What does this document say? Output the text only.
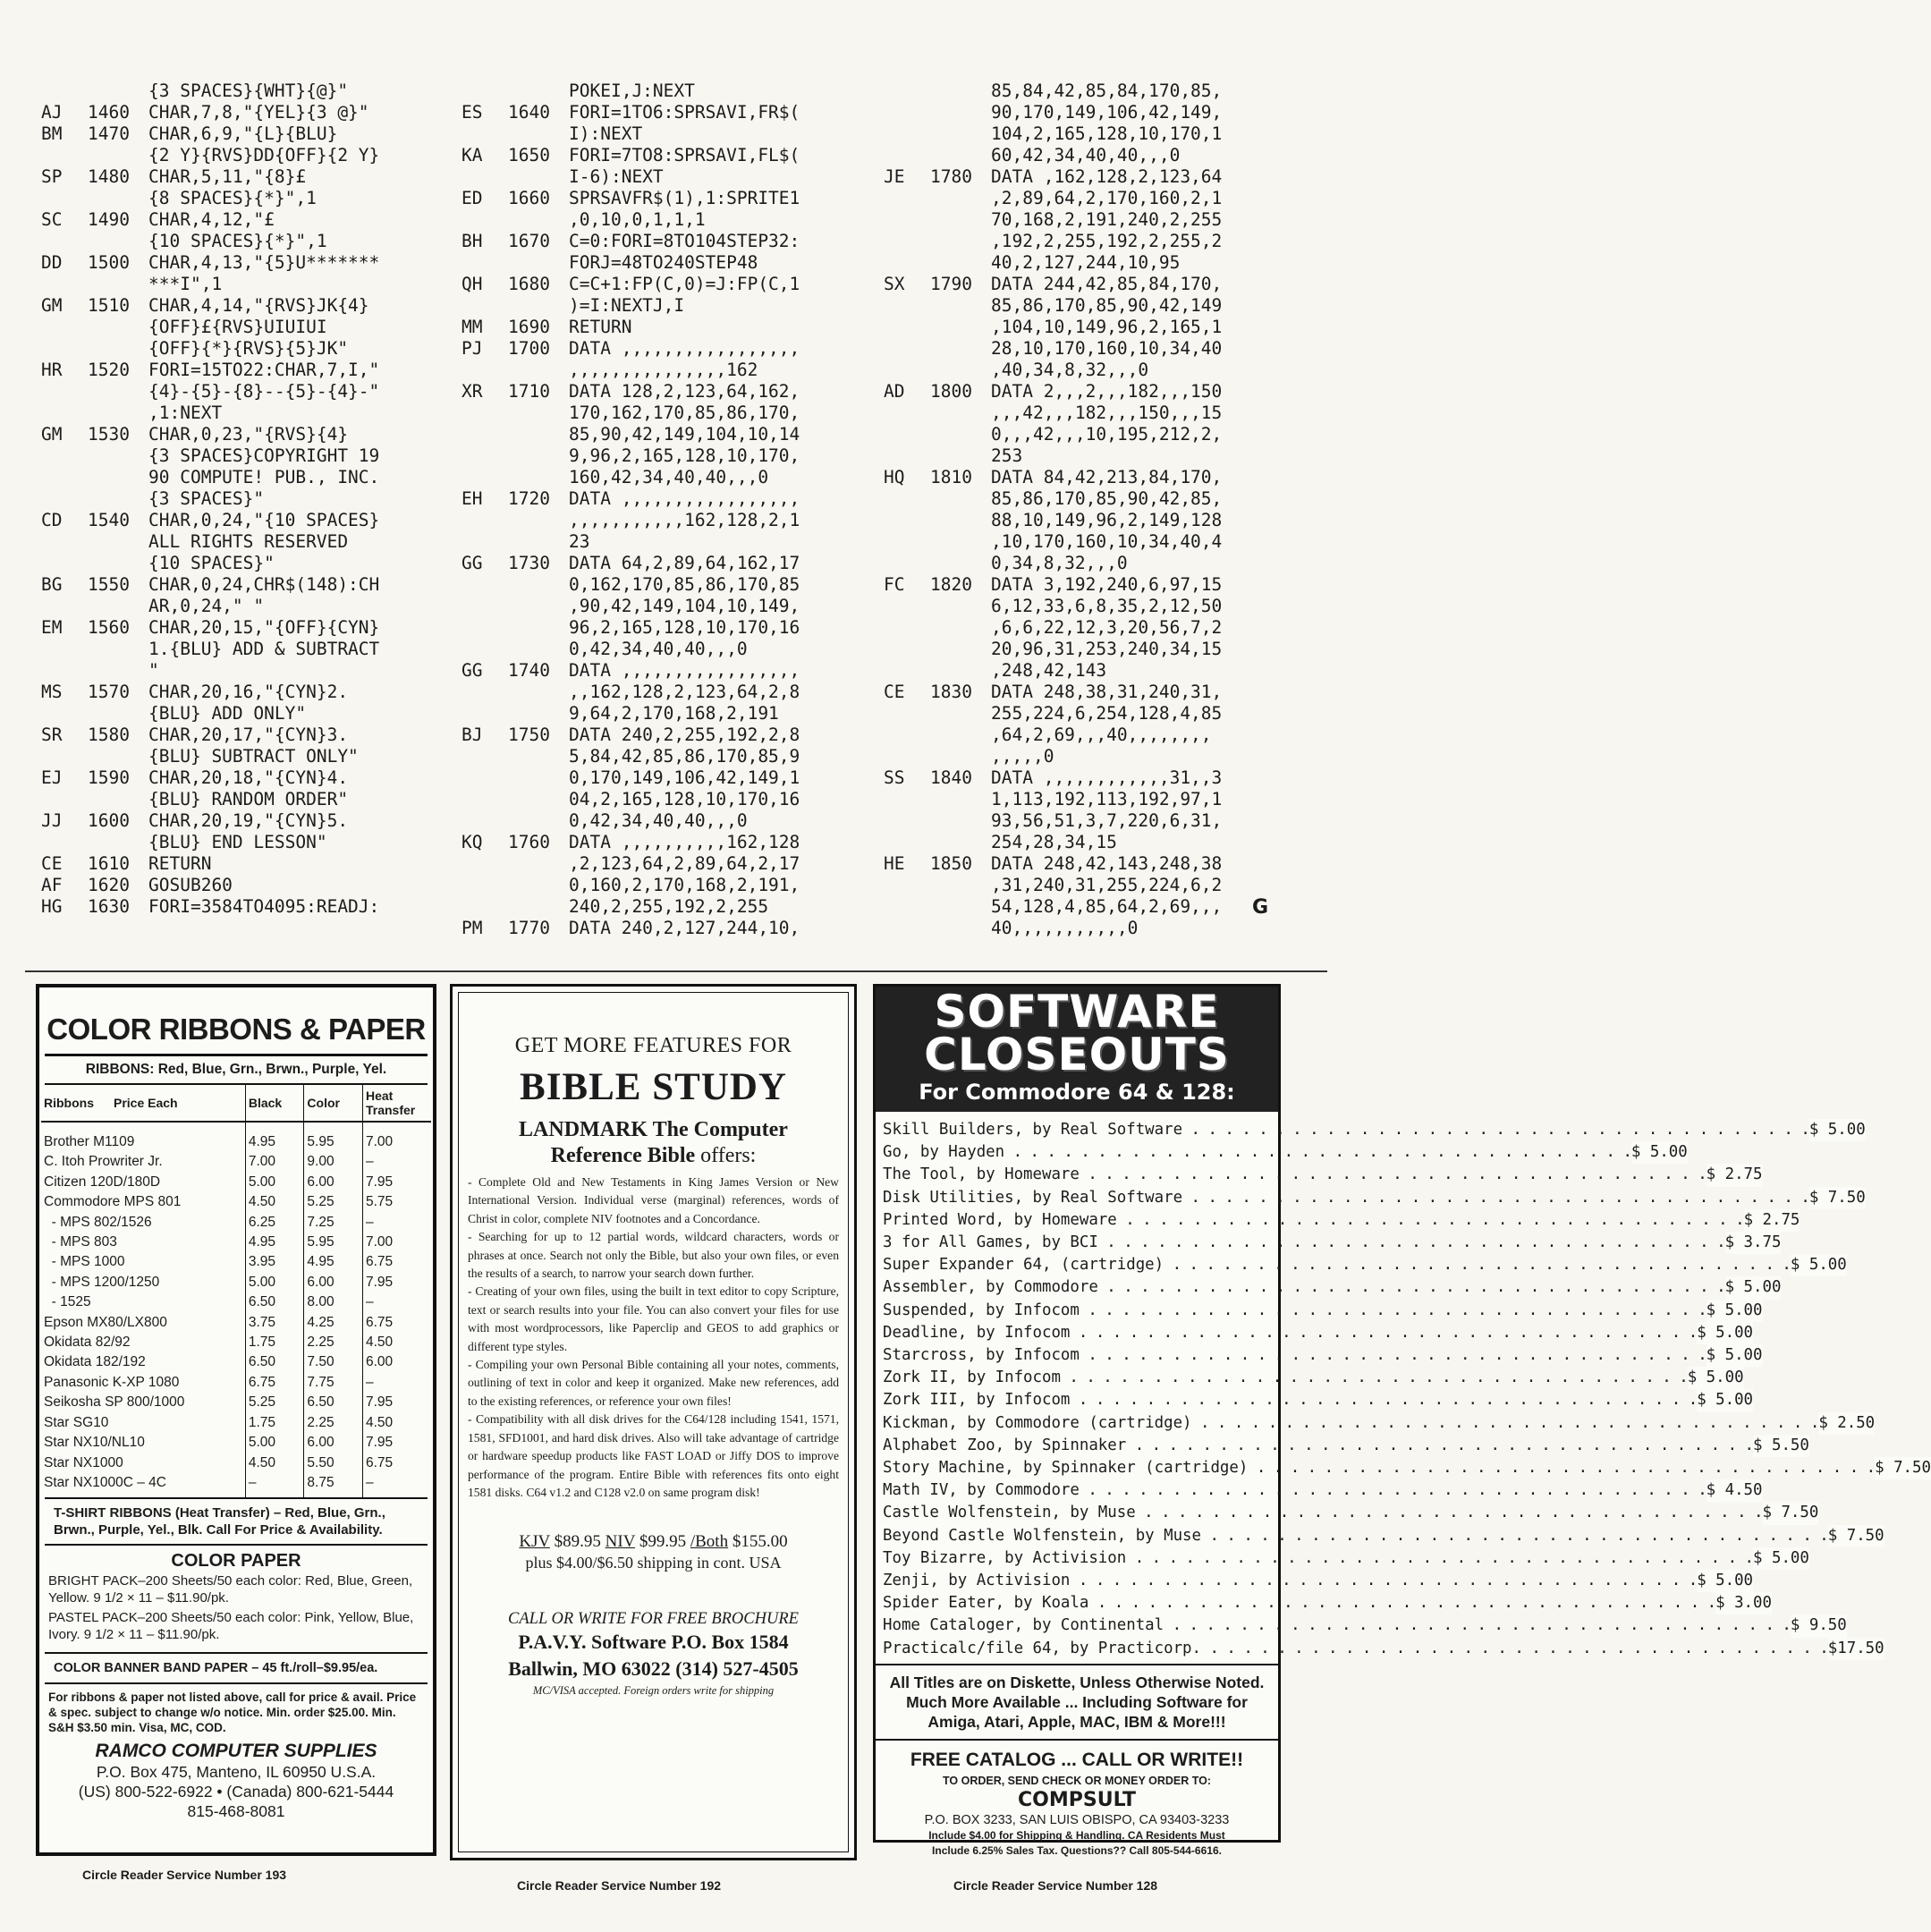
{3 SPACES}{WHT}{@}"
AJ	1460	CHAR,7,8,"{YEL}{3 @}"
BM	1470	CHAR,6,9,"{L}{BLU}
{2 Y}{RVS}DD{OFF}{2 Y}
SP	1480	CHAR,5,11,"{8}£
{8 SPACES}{*}",1
SC	1490	CHAR,4,12,"£
{10 SPACES}{*}",1
DD	1500	CHAR,4,13,"{5}U*******
***I",1
GM	1510	CHAR,4,14,"{RVS}JK{4}
{OFF}£{RVS}UIUIUI
{OFF}{*}{RVS}{5}JK"
HR	1520	FORI=15TO22:CHAR,7,I,"
{4}-{5}-{8}--{5}-{4}-"
,1:NEXT
GM	1530	CHAR,0,23,"{RVS}{4}
{3 SPACES}COPYRIGHT 19
90 COMPUTE! PUB., INC.
{3 SPACES}"
CD	1540	CHAR,0,24,"{10 SPACES}
ALL RIGHTS RESERVED
{10 SPACES}"
BG	1550	CHAR,0,24,CHR$(148):CH
AR,0,24," "
EM	1560	CHAR,20,15,"{OFF}{CYN}
1.{BLU} ADD & SUBTRACT
"
MS	1570	CHAR,20,16,"{CYN}2.
{BLU} ADD ONLY"
SR	1580	CHAR,20,17,"{CYN}3.
{BLU} SUBTRACT ONLY"
EJ	1590	CHAR,20,18,"{CYN}4.
{BLU} RANDOM ORDER"
JJ	1600	CHAR,20,19,"{CYN}5.
{BLU} END LESSON"
CE	1610	RETURN
AF	1620	GOSUB260
HG	1630	FORI=3584TO4095:READJ:
POKEI,J:NEXT
ES	1640	FORI=1TO6:SPRSAVI,FR$(
I):NEXT
KA	1650	FORI=7TO8:SPRSAVI,FL$(
I-6):NEXT
ED	1660	SPRSAVFR$(1),1:SPRITE1
,0,10,0,1,1,1
BH	1670	C=0:FORI=8TO104STEP32:
FORJ=48TO240STEP48
QH	1680	C=C+1:FP(C,0)=J:FP(C,1
)=I:NEXTJ,I
MM	1690	RETURN
PJ	1700	DATA ,,,,,,,,,,,,,,,,,
,,,,,,,,,,,,,,,162
XR	1710	DATA 128,2,123,64,162,
170,162,170,85,86,170,
85,90,42,149,104,10,14
9,96,2,165,128,10,170,
160,42,34,40,40,,,0
EH	1720	DATA ,,,,,,,,,,,,,,,,,
,,,,,,,,,,,162,128,2,1
23
GG	1730	DATA 64,2,89,64,162,17
0,162,170,85,86,170,85
,90,42,149,104,10,149,
96,2,165,128,10,170,16
0,42,34,40,40,,,0
GG	1740	DATA ,,,,,,,,,,,,,,,,,
,,162,128,2,123,64,2,8
9,64,2,170,168,2,191
BJ	1750	DATA 240,2,255,192,2,8
5,84,42,85,86,170,85,9
0,170,149,106,42,149,1
04,2,165,128,10,170,16
0,42,34,40,40,,,0
KQ	1760	DATA ,,,,,,,,,,162,128
,2,123,64,2,89,64,2,17
0,160,2,170,168,2,191,
240,2,255,192,2,255
PM	1770	DATA 240,2,127,244,10,
85,84,42,85,84,170,85,
90,170,149,106,42,149,
104,2,165,128,10,170,1
60,42,34,40,40,,,0
JE	1780	DATA ,162,128,2,123,64
,2,89,64,2,170,160,2,1
70,168,2,191,240,2,255
,192,2,255,192,2,255,2
40,2,127,244,10,95
SX	1790	DATA 244,42,85,84,170,
85,86,170,85,90,42,149
,104,10,149,96,2,165,1
28,10,170,160,10,34,40
,40,34,8,32,,,0
AD	1800	DATA 2,,,2,,,182,,,150
,,,42,,,182,,,150,,,15
0,,,42,,,10,195,212,2,
253
HQ	1810	DATA 84,42,213,84,170,
85,86,170,85,90,42,85,
88,10,149,96,2,149,128
,10,170,160,10,34,40,4
0,34,8,32,,,0
FC	1820	DATA 3,192,240,6,97,15
6,12,33,6,8,35,2,12,50
,6,6,22,12,3,20,56,7,2
20,96,31,253,240,34,15
,248,42,143
CE	1830	DATA 248,38,31,240,31,
255,224,6,254,128,4,85
,64,2,69,,,40,,,,,,,,
,,,,,0
SS	1840	DATA ,,,,,,,,,,,,31,,3
1,113,192,113,192,97,1
93,56,51,3,7,220,6,31,
254,28,34,15
HE	1850	DATA 248,42,143,248,38
,31,240,31,255,224,6,2
54,128,4,85,64,2,69,,,
40,,,,,,,,,,,0
G
COLOR RIBBONS & PAPER
RIBBONS: Red, Blue, Grn., Brwn., Purple, Yel.
Ribbons Price Each	Black	Color	Heat Transfer
Brother M1109	4.95	5.95	7.00
C. Itoh Prowriter Jr.	7.00	9.00	–
Citizen 120D/180D	5.00	6.00	7.95
Commodore MPS 801	4.50	5.25	5.75
- MPS 802/1526	6.25	7.25	–
- MPS 803	4.95	5.95	7.00
- MPS 1000	3.95	4.95	6.75
- MPS 1200/1250	5.00	6.00	7.95
- 1525	6.50	8.00	–
Epson MX80/LX800	3.75	4.25	6.75
Okidata 82/92	1.75	2.25	4.50
Okidata 182/192	6.50	7.50	6.00
Panasonic K-XP 1080	6.75	7.75	–
Seikosha SP 800/1000	5.25	6.50	7.95
Star SG10	1.75	2.25	4.50
Star NX10/NL10	5.00	6.00	7.95
Star NX1000	4.50	5.50	6.75
Star NX1000C – 4C	–	8.75	–
T-SHIRT RIBBONS (Heat Transfer) – Red, Blue, Grn., Brwn., Purple, Yel., Blk. Call For Price & Availability.
COLOR PAPER
BRIGHT PACK–200 Sheets/50 each color: Red, Blue, Green, Yellow. 9 1/2 × 11 – $11.90/pk.
PASTEL PACK–200 Sheets/50 each color: Pink, Yellow, Blue, Ivory. 9 1/2 × 11 – $11.90/pk.
COLOR BANNER BAND PAPER – 45 ft./roll–$9.95/ea.
For ribbons & paper not listed above, call for price & avail. Price & spec. subject to change w/o notice. Min. order $25.00. Min. S&H $3.50 min. Visa, MC, COD.
RAMCO COMPUTER SUPPLIES
P.O. Box 475, Manteno, IL 60950 U.S.A.
(US) 800-522-6922 • (Canada) 800-621-5444
815-468-8081
Circle Reader Service Number 193
GET MORE FEATURES FOR
BIBLE STUDY
LANDMARK The Computer
Reference Bible offers:
- Complete Old and New Testaments in King James Version or New International Version. Individual verse (marginal) references, words of Christ in color, complete NIV footnotes and a Concordance.
- Searching for up to 12 partial words, wildcard characters, words or phrases at once. Search not only the Bible, but also your own files, or even the results of a search, to narrow your search down further.
- Creating of your own files, using the built in text editor to copy Scripture, text or search results into your file. You can also convert your files for use with most wordprocessors, like Paperclip and GEOS to add graphics or different type styles.
- Compiling your own Personal Bible containing all your notes, comments, outlining of text in color and keep it organized. Make new references, add to the existing references, or reference your own files!
- Compatibility with all disk drives for the C64/128 including 1541, 1571, 1581, SFD1001, and hard disk drives. Also will take advantage of cartridge or hardware speedup products like FAST LOAD or Jiffy DOS to improve performance of the program. Entire Bible with references fits onto eight 1581 disks. C64 v1.2 and C128 v2.0 on same program disk!
KJV $89.95 NIV $99.95 /Both $155.00
plus $4.00/$6.50 shipping in cont. USA
CALL OR WRITE FOR FREE BROCHURE
P.A.V.Y. Software P.O. Box 1584
Ballwin, MO 63022 (314) 527-4505
MC/VISA accepted. Foreign orders write for shipping
Circle Reader Service Number 192
SOFTWARE
CLOSEOUTS
For Commodore 64 & 128:
Skill Builders, by Real Software . . .	$ 5.00
Go, by Hayden . . .	$ 5.00
The Tool, by Homeware . . .	$ 2.75
Disk Utilities, by Real Software . . .	$ 7.50
Printed Word, by Homeware . . .	$ 2.75
3 for All Games, by BCI . . .	$ 3.75
Super Expander 64, (cartridge) . . .	$ 5.00
Assembler, by Commodore . . .	$ 5.00
Suspended, by Infocom . . .	$ 5.00
Deadline, by Infocom . . .	$ 5.00
Starcross, by Infocom . . .	$ 5.00
Zork II, by Infocom . . .	$ 5.00
Zork III, by Infocom . . .	$ 5.00
Kickman, by Commodore (cartridge) . . .	$ 2.50
Alphabet Zoo, by Spinnaker . . .	$ 5.50
Story Machine, by Spinnaker (cartridge) . . .	$ 7.50
Math IV, by Commodore . . .	$ 4.50
Castle Wolfenstein, by Muse . . .	$ 7.50
Beyond Castle Wolfenstein, by Muse . . .	$ 7.50
Toy Bizarre, by Activision . . .	$ 5.00
Zenji, by Activision . . .	$ 5.00
Spider Eater, by Koala . . .	$ 3.00
Home Cataloger, by Continental . . .	$ 9.50
Practicalc/file 64, by Practicorp. . . .	$17.50
All Titles are on Diskette, Unless Otherwise Noted. Much More Available ... Including Software for Amiga, Atari, Apple, MAC, IBM & More!!!
FREE CATALOG ... CALL OR WRITE!!
TO ORDER, SEND CHECK OR MONEY ORDER TO:
COMPSULT
P.O. BOX 3233, SAN LUIS OBISPO, CA 93403-3233
Include $4.00 for Shipping & Handling. CA Residents Must
Include 6.25% Sales Tax. Questions?? Call 805-544-6616.
Circle Reader Service Number 128
